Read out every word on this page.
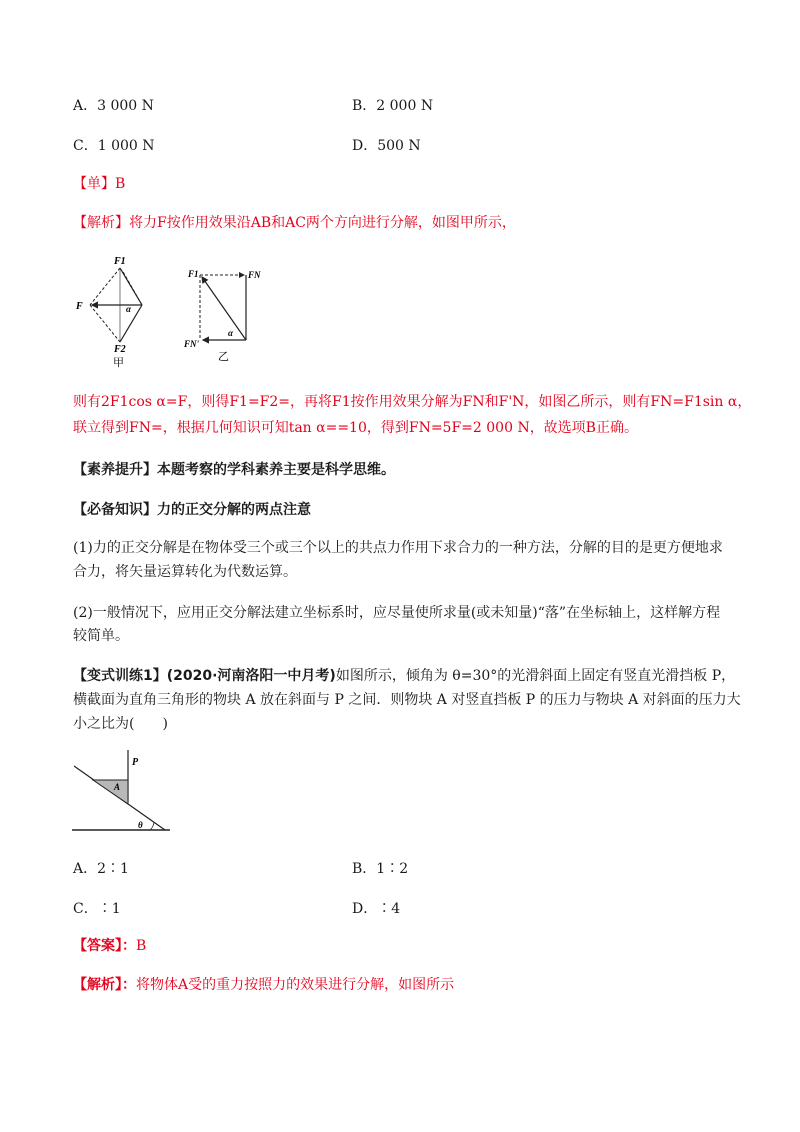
A．3 000 N	B．2 000 N
C．1 000 N	D．500 N
【单】B
【解析】将力F按作用效果沿AB和AC两个方向进行分解，如图甲所示，
F1
F	α
F2
甲
F1	FN
FN'
α
乙
则有2F1cos α=F，则得F1=F2=，再将F1按作用效果分解为FN和F'N，如图乙所示，则有FN=F1sin α，
联立得到FN=，根据几何知识可知tan α==10，得到FN=5F=2 000 N，故选项B正确。
【素养提升】本题考察的学科素养主要是科学思维。
【必备知识】力的正交分解的两点注意
(1)力的正交分解是在物体受三个或三个以上的共点力作用下求合力的一种方法，分解的目的是更方便地求
合力，将矢量运算转化为代数运算。
(2)一般情况下，应用正交分解法建立坐标系时，应尽量使所求量(或未知量)“落”在坐标轴上，这样解方程
较简单。
【变式训练1】(2020·河南洛阳一中月考)如图所示，倾角为 θ=30°的光滑斜面上固定有竖直光滑挡板 P，
横截面为直角三角形的物块 A 放在斜面与 P 之间．则物块 A 对竖直挡板 P 的压力与物块 A 对斜面的压力大
小之比为(　　)
P
A
θ
A．2∶1	B．1∶2
C．∶1	D．∶4
【答案】：B
【解析】：将物体A受的重力按照力的效果进行分解，如图所示
